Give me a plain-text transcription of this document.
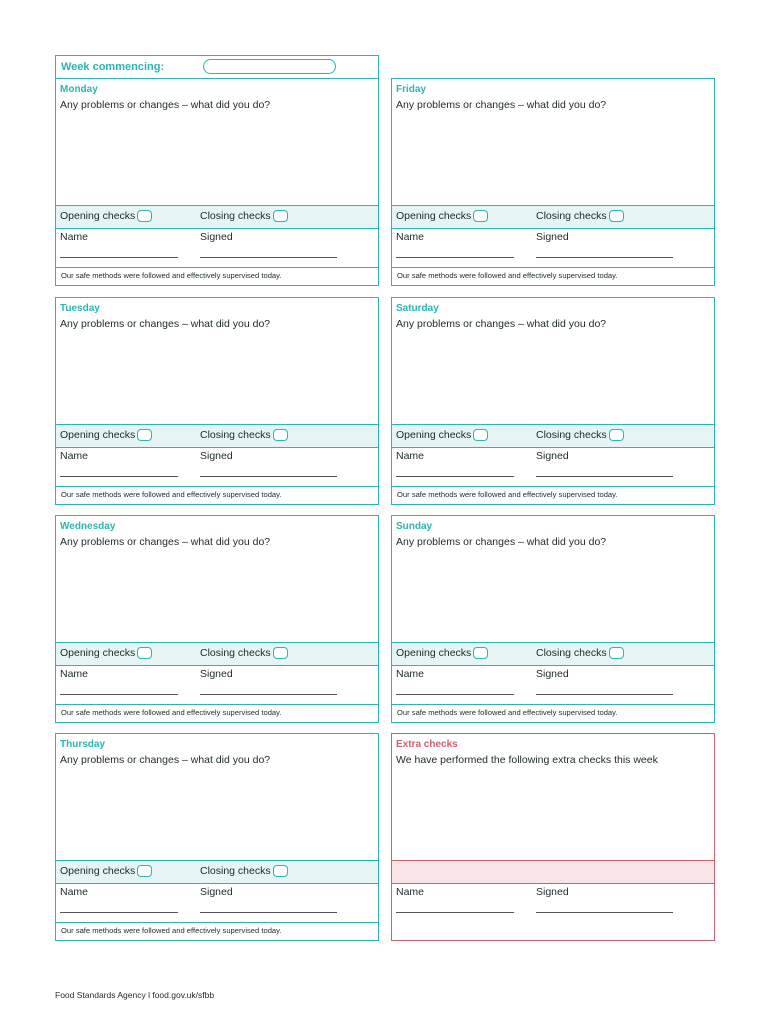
Week commencing:
Monday
Any problems or changes – what did you do?
Opening checks	Closing checks
Name	Signed
Our safe methods were followed and effectively supervised today.
Tuesday
Any problems or changes – what did you do?
Opening checks	Closing checks
Name	Signed
Our safe methods were followed and effectively supervised today.
Wednesday
Any problems or changes – what did you do?
Opening checks	Closing checks
Name	Signed
Our safe methods were followed and effectively supervised today.
Thursday
Any problems or changes – what did you do?
Opening checks	Closing checks
Name	Signed
Our safe methods were followed and effectively supervised today.
Friday
Any problems or changes – what did you do?
Opening checks	Closing checks
Name	Signed
Our safe methods were followed and effectively supervised today.
Saturday
Any problems or changes – what did you do?
Opening checks	Closing checks
Name	Signed
Our safe methods were followed and effectively supervised today.
Sunday
Any problems or changes – what did you do?
Opening checks	Closing checks
Name	Signed
Our safe methods were followed and effectively supervised today.
Extra checks
We have performed the following extra checks this week
Name	Signed
Food Standards Agency l food.gov.uk/sfbb
